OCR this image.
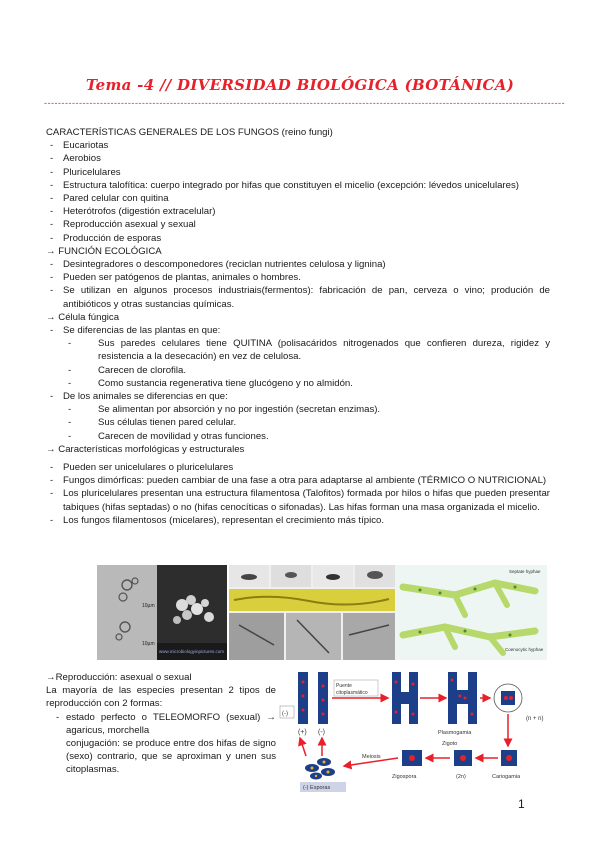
Tema -4 // DIVERSIDAD BIOLÓGICA (BOTÁNICA)
-----------------------------------------------------------------------------------------------------------------------------------------------------
CARACTERÍSTICAS GENERALES DE LOS FUNGOS (reino fungi)
-	Eucariotas
-	Aerobios
-	Pluricelulares
-	Estructura talofítica: cuerpo integrado por hifas que constituyen el micelio (excepción: lévedos unicelulares)
-	Pared celular con quitina
-	Heterótrofos (digestión extracelular)
-	Reproducción asexual y sexual
-	Producción de esporas
→ FUNCIÓN ECOLÓGICA
-	Desintegradores o descomponedores (reciclan nutrientes celulosa y lignina)
-	Pueden ser patógenos de plantas, animales o hombres.
-	Se utilizan en algunos procesos industriais(fermentos): fabricación de pan, cerveza o vino; produción de antibióticos y otras sustancias químicas.
→ Célula fúngica
-	Se diferencias de las plantas en que:
-	Sus paredes celulares tiene QUITINA (polisacáridos nitrogenados que confieren dureza, rigidez y resistencia a la desecación) en vez de celulosa.
-	Carecen de clorofila.
-	Como sustancia regenerativa tiene glucógeno y no almidón.
-	De los animales se diferencias en que:
-	Se alimentan por absorción y no por ingestión (secretan enzimas).
-	Sus células tienen pared celular.
-	Carecen de movilidad y otras funciones.
→ Características morfológicas y estructurales
-	Pueden ser unicelulares o pluricelulares
-	Fungos dimórficas: pueden cambiar de una fase a otra para adaptarse al ambiente (TÉRMICO O NUTRICIONAL)
-	Los pluricelulares presentan una estructura filamentosa (Talofitos) formada por hilos o hifas que pueden presentar tabiques (hifas septadas) o no (hifas cenocíticas o sifonadas). Las hifas forman una masa organizada el micelio.
-	Los fungos filamentosos (micelares), representan el crecimiento más típico.
10µm
10µm
www.microbiologyinpictures.com
Septate hyphae
Coenocytic hyphae
→Reproducción: asexual o sexual
La mayoría de las especies presentan 2 tipos de reproducción con 2 formas:
- estado perfecto o TELEOMORFO (sexual) → agaricus, morchella
conjugación: se produce entre dos hifas de signo (sexo) contrario, que se aproximan y unen sus citoplasmas.
(-)
(+) (-)
Puente
citoplasmático
Plasmogamia
(n + n)
Cariogamia
Zigoto
(2n)
Zigospora
Meiosis
(-) Esporas
1
